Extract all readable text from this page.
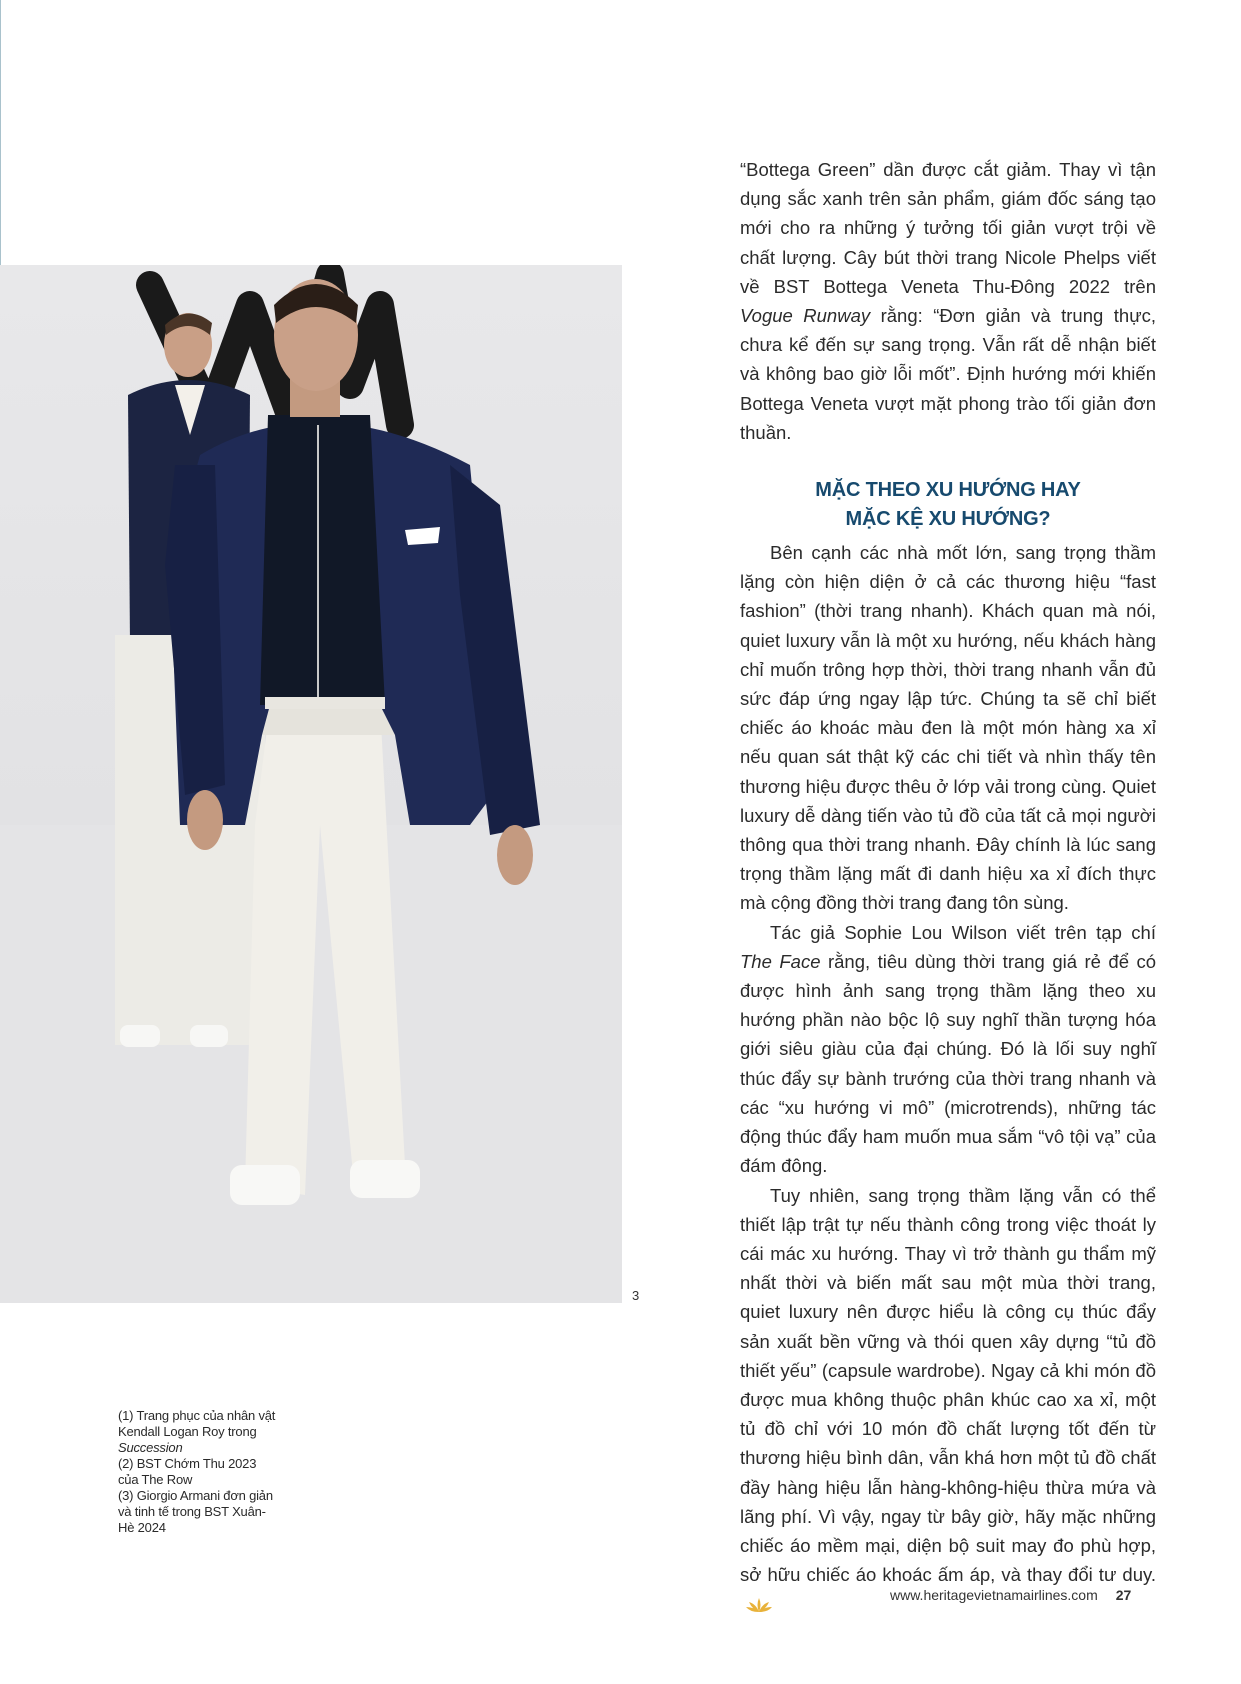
3

(1) Trang phục của nhân vật Kendall Logan Roy trong Succession

(2) BST Chớm Thu 2023 của The Row

(3) Giorgio Armani đơn giản và tinh tế trong BST Xuân-Hè 2024

“Bottega Green” dần được cắt giảm. Thay vì tận dụng sắc xanh trên sản phẩm, giám đốc sáng tạo mới cho ra những ý tưởng tối giản vượt trội về chất lượng. Cây bút thời trang Nicole Phelps viết về BST Bottega Veneta Thu-Đông 2022 trên Vogue Runway rằng: “Đơn giản và trung thực, chưa kể đến sự sang trọng. Vẫn rất dễ nhận biết và không bao giờ lỗi mốt”. Định hướng mới khiến Bottega Veneta vượt mặt phong trào tối giản đơn thuần.

MẶC THEO XU HƯỚNG HAY
MẶC KỆ XU HƯỚNG?

Bên cạnh các nhà mốt lớn, sang trọng thầm lặng còn hiện diện ở cả các thương hiệu “fast fashion” (thời trang nhanh). Khách quan mà nói, quiet luxury vẫn là một xu hướng, nếu khách hàng chỉ muốn trông hợp thời, thời trang nhanh vẫn đủ sức đáp ứng ngay lập tức. Chúng ta sẽ chỉ biết chiếc áo khoác màu đen là một món hàng xa xỉ nếu quan sát thật kỹ các chi tiết và nhìn thấy tên thương hiệu được thêu ở lớp vải trong cùng. Quiet luxury dễ dàng tiến vào tủ đồ của tất cả mọi người thông qua thời trang nhanh. Đây chính là lúc sang trọng thầm lặng mất đi danh hiệu xa xỉ đích thực mà cộng đồng thời trang đang tôn sùng.

Tác giả Sophie Lou Wilson viết trên tạp chí The Face rằng, tiêu dùng thời trang giá rẻ để có được hình ảnh sang trọng thầm lặng theo xu hướng phần nào bộc lộ suy nghĩ thần tượng hóa giới siêu giàu của đại chúng. Đó là lối suy nghĩ thúc đẩy sự bành trướng của thời trang nhanh và các “xu hướng vi mô” (microtrends), những tác động thúc đẩy ham muốn mua sắm “vô tội vạ” của đám đông.

Tuy nhiên, sang trọng thầm lặng vẫn có thể thiết lập trật tự nếu thành công trong việc thoát ly cái mác xu hướng. Thay vì trở thành gu thẩm mỹ nhất thời và biến mất sau một mùa thời trang, quiet luxury nên được hiểu là công cụ thúc đẩy sản xuất bền vững và thói quen xây dựng “tủ đồ thiết yếu” (capsule wardrobe). Ngay cả khi món đồ được mua không thuộc phân khúc cao xa xỉ, một tủ đồ chỉ với 10 món đồ chất lượng tốt đến từ thương hiệu bình dân, vẫn khá hơn một tủ đồ chất đầy hàng hiệu lẫn hàng-không-hiệu thừa mứa và lãng phí. Vì vậy, ngay từ bây giờ, hãy mặc những chiếc áo mềm mại, diện bộ suit may đo phù hợp, sở hữu chiếc áo khoác ấm áp, và thay đổi tư duy.

www.heritagevietnamairlines.com 27
